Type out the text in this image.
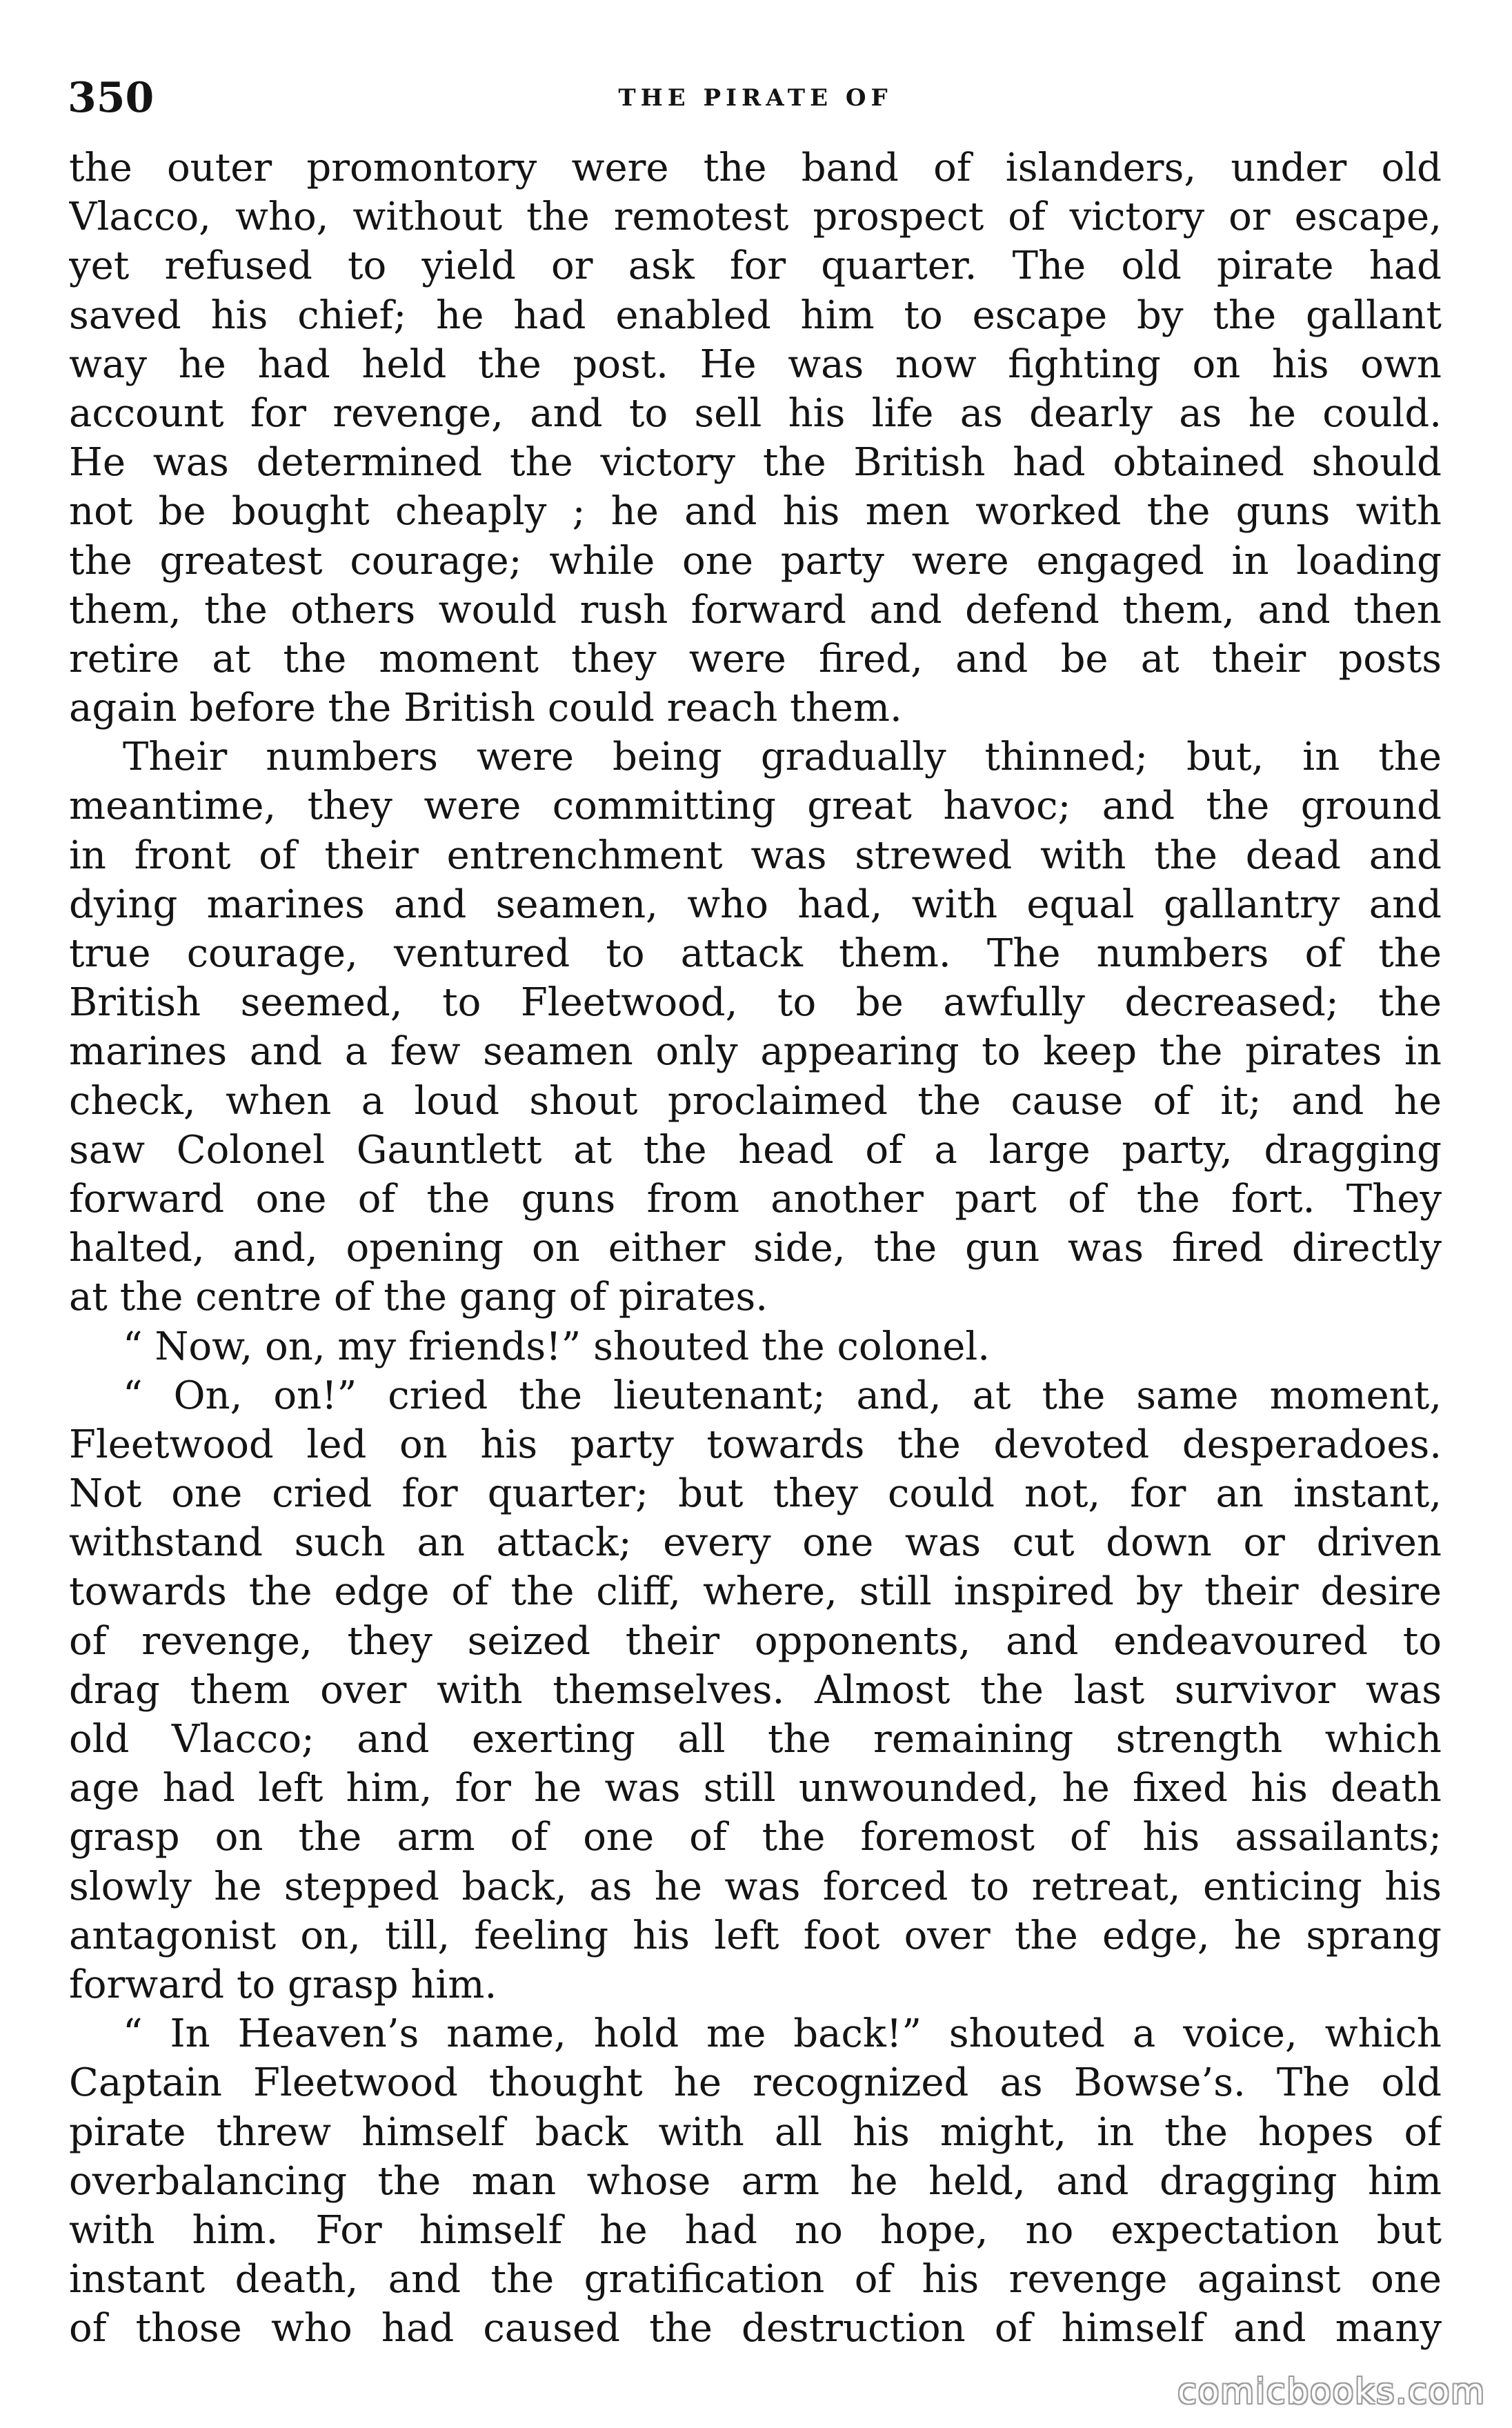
350	THE PIRATE OF
the outer promontory were the band of islanders, under old
Vlacco, who, without the remotest prospect of victory or escape,
yet refused to yield or ask for quarter. The old pirate had
saved his chief; he had enabled him to escape by the gallant
way he had held the post. He was now fighting on his own
account for revenge, and to sell his life as dearly as he could.
He was determined the victory the British had obtained should
not be bought cheaply ; he and his men worked the guns with
the greatest courage; while one party were engaged in loading
them, the others would rush forward and defend them, and then
retire at the moment they were fired, and be at their posts
again before the British could reach them.
Their numbers were being gradually thinned; but, in the
meantime, they were committing great havoc; and the ground
in front of their entrenchment was strewed with the dead and
dying marines and seamen, who had, with equal gallantry and
true courage, ventured to attack them. The numbers of the
British seemed, to Fleetwood, to be awfully decreased; the
marines and a few seamen only appearing to keep the pirates in
check, when a loud shout proclaimed the cause of it; and he
saw Colonel Gauntlett at the head of a large party, dragging
forward one of the guns from another part of the fort. They
halted, and, opening on either side, the gun was fired directly
at the centre of the gang of pirates.
“ Now, on, my friends!” shouted the colonel.
“ On, on!” cried the lieutenant; and, at the same moment,
Fleetwood led on his party towards the devoted desperadoes.
Not one cried for quarter; but they could not, for an instant,
withstand such an attack; every one was cut down or driven
towards the edge of the cliff, where, still inspired by their desire
of revenge, they seized their opponents, and endeavoured to
drag them over with themselves. Almost the last survivor was
old Vlacco; and exerting all the remaining strength which
age had left him, for he was still unwounded, he fixed his death
grasp on the arm of one of the foremost of his assailants;
slowly he stepped back, as he was forced to retreat, enticing his
antagonist on, till, feeling his left foot over the edge, he sprang
forward to grasp him.
“ In Heaven’s name, hold me back!” shouted a voice, which
Captain Fleetwood thought he recognized as Bowse’s. The old
pirate threw himself back with all his might, in the hopes of
overbalancing the man whose arm he held, and dragging him
with him. For himself he had no hope, no expectation but
instant death, and the gratification of his revenge against one
of those who had caused the destruction of himself and many
comicbooks.com
